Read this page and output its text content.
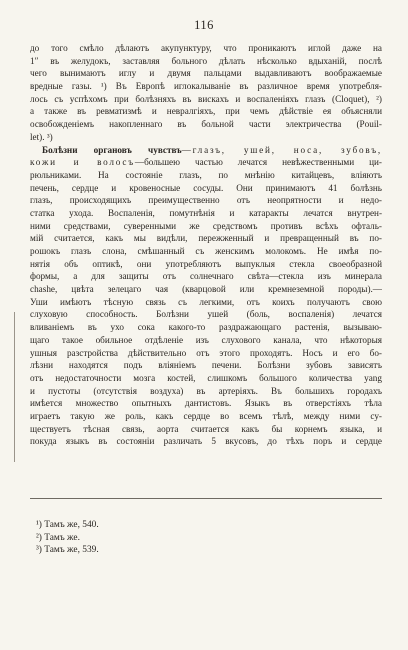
116
до того смѣло дѣлаютъ акупунктуру, что проникаютъ иглой даже на
1″ въ желудокъ, заставляя больного дѣлать нѣсколько вдыханій, послѣ
чего вынимаютъ иглу и двумя пальцами выдавливаютъ воображаемые
вредные газы. ¹) Въ Европѣ иглокалываніе въ различное время употребля-
лось съ успѣхомъ при болѣзняхъ въ вискахъ и воспаленіяхъ глазъ (Cloquet), ²)
а также въ ревматизмѣ и невралгіяхъ, при чемъ дѣйствіе ея объясняли
освобожденіемъ накопленнаго въ больной части электричества (Pouil-
let). ³)
Болѣзни органовъ чувствъ—глазъ, ушей, носа, зубовъ,
кожи и волосъ—большею частью лечатся невѣжественными ци-
рюльниками. На состояніе глазъ, по мнѣнію китайцевъ, вліяютъ
печень, сердце и кровеносные сосуды. Они принимаютъ 41 болѣзнь
глазъ, происходящихъ преимущественно отъ неопрятности и недо-
статка ухода. Воспаленія, помутнѣнія и катаракты лечатся внутрен-
ними средствами, суверенными же средствомъ противъ всѣхъ офталь-
мій считается, какъ мы видѣли, пережженный и превращенный въ по-
рошокъ глазъ слона, смѣшанный съ женскимъ молокомъ. Не имѣя по-
нятія объ оптикѣ, они употребляютъ выпуклыя стекла своеобразной
формы, а для защиты отъ солнечнаго свѣта—стекла изъ минерала
chashe, цвѣта зелецаго чая (кварцовой или кремнеземной породы).—
Уши имѣютъ тѣсную связь съ легкими, отъ коихъ получаютъ свою
слуховую способность. Болѣзни ушей (боль, воспаленія) лечатся
вливаніемъ въ ухо сока какого-то раздражающаго растенія, вызываю-
щаго такое обильное отдѣленіе изъ слухового канала, что нѣкоторыя
ушныя разстройства дѣйствительно отъ этого проходятъ. Носъ и его бо-
лѣзни находятся подъ вліяніемъ печени. Болѣзни зубовъ зависятъ
отъ недостаточности мозга костей, слишкомъ большого количества yang
и пустоты (отсутствія воздуха) въ артеріяхъ. Въ большихъ городахъ
имѣется множество опытныхъ дантистовъ. Языкъ въ отверстіяхъ тѣла
играетъ такую же роль, какъ сердце во всемъ тѣлѣ, между ними су-
ществуетъ тѣсная связь, аорта считается какъ бы корнемъ языка, и
покуда языкъ въ состояніи различать 5 вкусовъ, до тѣхъ поръ и сердце
¹) Тамъ же, 540.
²) Тамъ же.
³) Тамъ же, 539.
